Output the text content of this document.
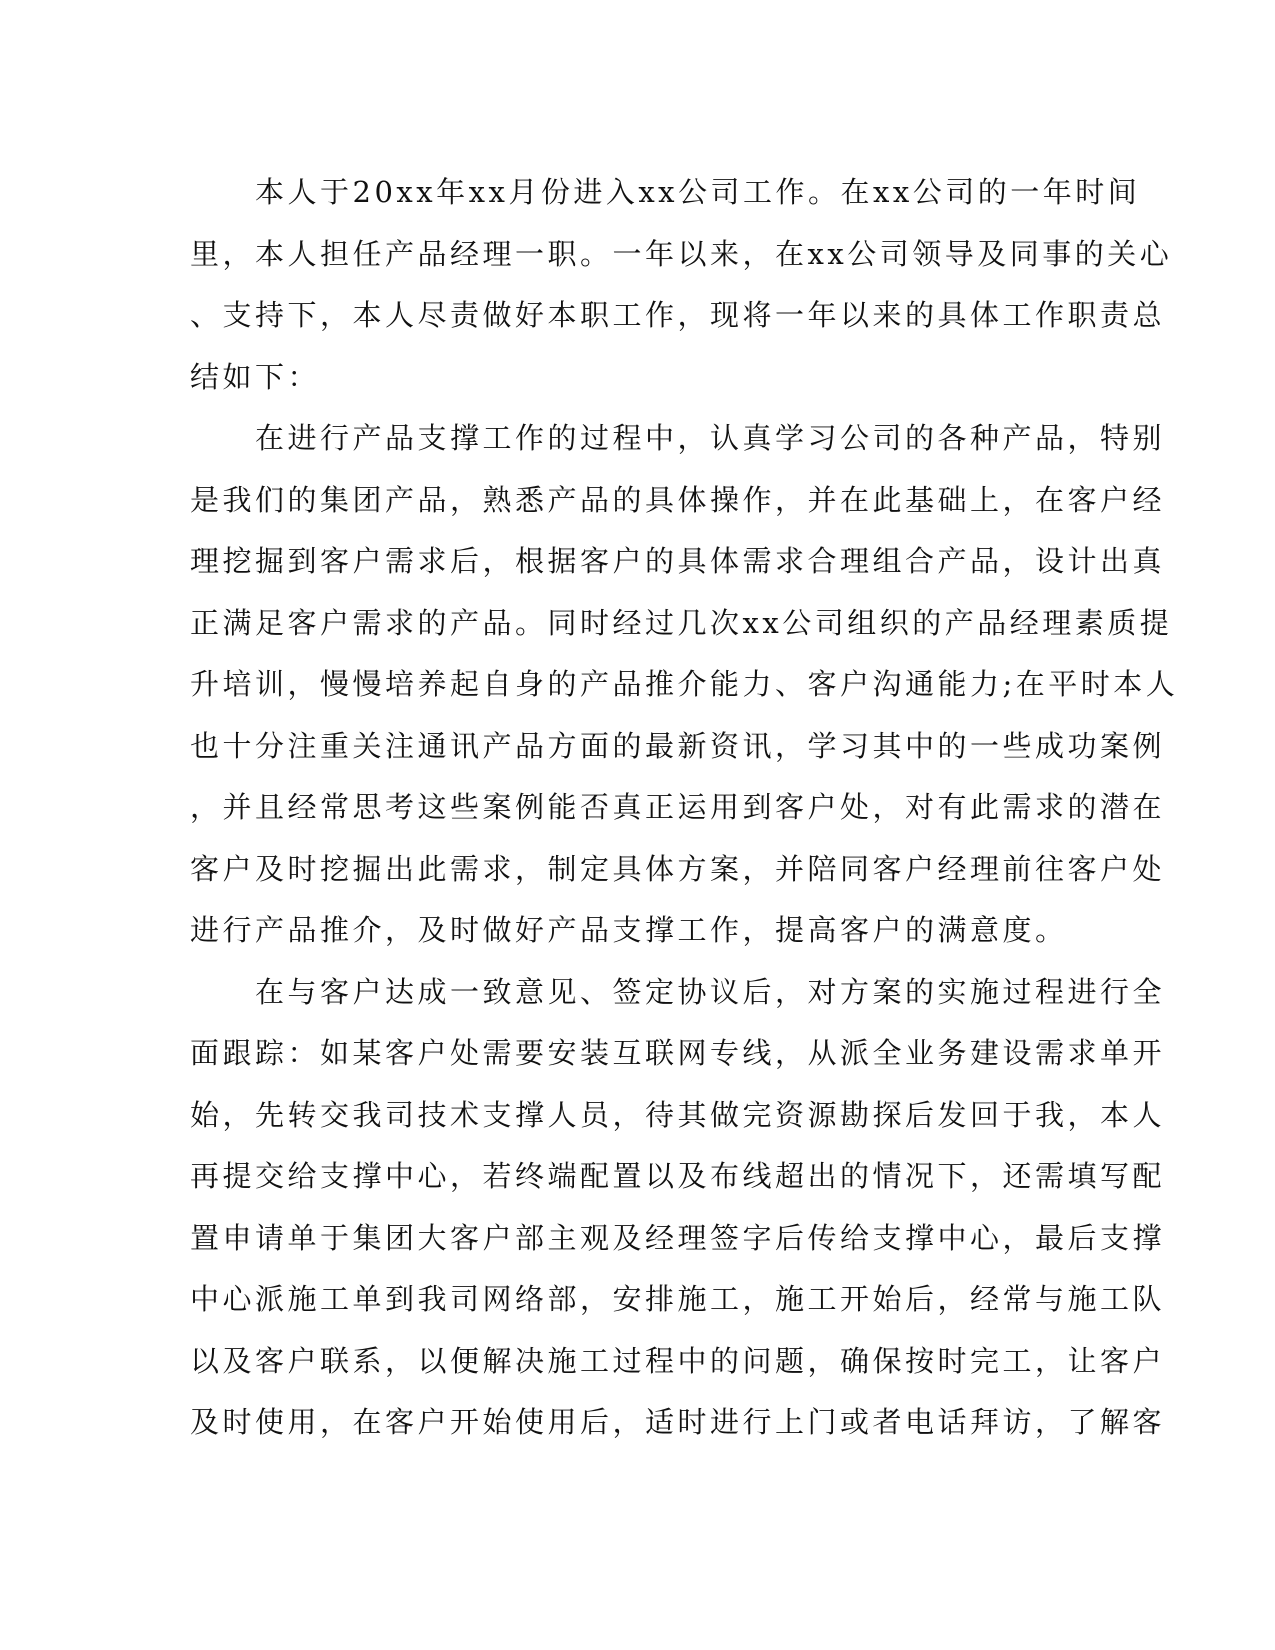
　　本人于20xx年xx月份进入xx公司工作。在xx公司的一年时间
里，本人担任产品经理一职。一年以来，在xx公司领导及同事的关心
、支持下，本人尽责做好本职工作，现将一年以来的具体工作职责总
结如下：
　　在进行产品支撑工作的过程中，认真学习公司的各种产品，特别
是我们的集团产品，熟悉产品的具体操作，并在此基础上，在客户经
理挖掘到客户需求后，根据客户的具体需求合理组合产品，设计出真
正满足客户需求的产品。同时经过几次xx公司组织的产品经理素质提
升培训，慢慢培养起自身的产品推介能力、客户沟通能力;在平时本人
也十分注重关注通讯产品方面的最新资讯，学习其中的一些成功案例
，并且经常思考这些案例能否真正运用到客户处，对有此需求的潜在
客户及时挖掘出此需求，制定具体方案，并陪同客户经理前往客户处
进行产品推介，及时做好产品支撑工作，提高客户的满意度。
　　在与客户达成一致意见、签定协议后，对方案的实施过程进行全
面跟踪：如某客户处需要安装互联网专线，从派全业务建设需求单开
始，先转交我司技术支撑人员，待其做完资源勘探后发回于我，本人
再提交给支撑中心，若终端配置以及布线超出的情况下，还需填写配
置申请单于集团大客户部主观及经理签字后传给支撑中心，最后支撑
中心派施工单到我司网络部，安排施工，施工开始后，经常与施工队
以及客户联系，以便解决施工过程中的问题，确保按时完工，让客户
及时使用，在客户开始使用后，适时进行上门或者电话拜访，了解客
